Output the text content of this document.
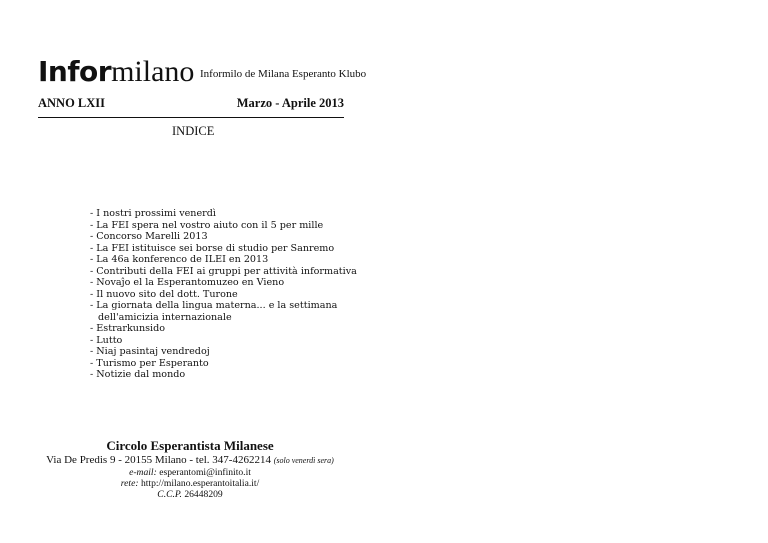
Informilano Informilo de Milana Esperanto Klubo
ANNO LXII	Marzo - Aprile 2013
INDICE
- I nostri prossimi venerdì
- La FEI spera nel vostro aiuto con il 5 per mille
- Concorso Marelli 2013
- La FEI istituisce sei borse di studio per Sanremo
- La 46a konferenco de ILEI en 2013
- Contributi della FEI ai gruppi per attività informativa
- Novaĵo el la Esperantomuzeo en Vieno
- Il nuovo sito del dott. Turone
- La giornata della lingua materna... e la settimana dell'amicizia internazionale
- Estrarkunsido
- Lutto
- Niaj pasintaj vendredoj
- Turismo per Esperanto
- Notizie dal mondo
Circolo Esperantista Milanese
Via De Predis 9 - 20155 Milano - tel. 347-4262214 (solo venerdì sera)
e-mail: esperantomi@infinito.it
rete: http://milano.esperantoitalia.it/
C.C.P. 26448209
